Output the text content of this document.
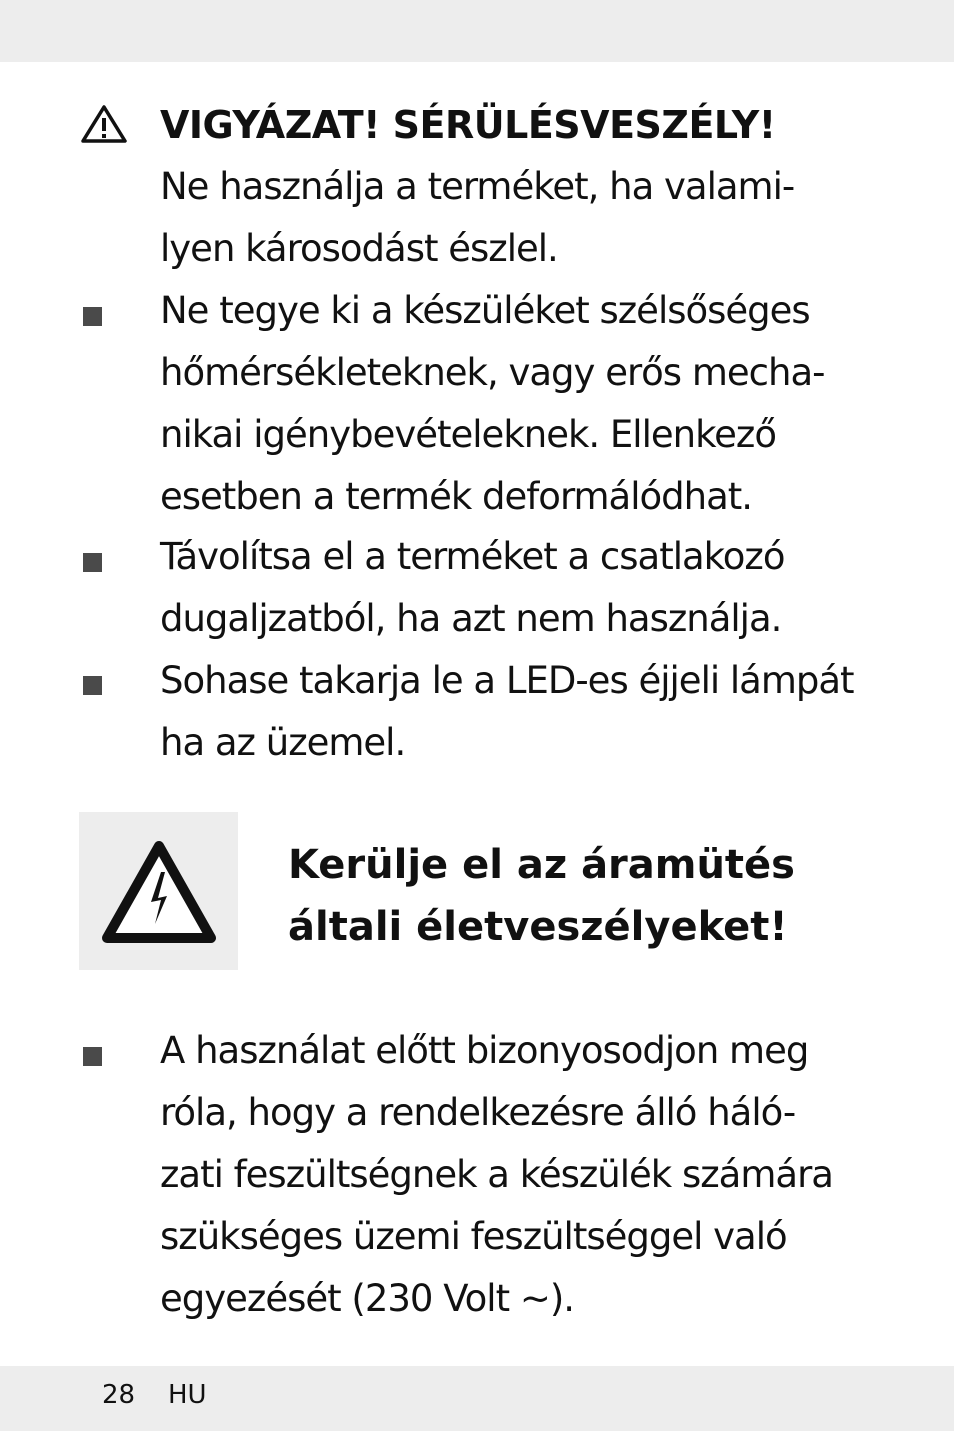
VIGYÁZAT! SÉRÜLÉSVESZÉLY!
Ne használja a terméket, ha valami-
lyen károsodást észlel.
Ne tegye ki a készüléket szélsőséges
hőmérsékleteknek, vagy erős mecha-
nikai igénybevételeknek. Ellenkező
esetben a termék deformálódhat.
Távolítsa el a terméket a csatlakozó
dugaljzatból, ha azt nem használja.
Sohase takarja le a LED-es éjjeli lámpát
ha az üzemel.
Kerülje el az áramütés
általi életveszélyeket!
A használat előtt bizonyosodjon meg
róla, hogy a rendelkezésre álló háló-
zati feszültségnek a készülék számára
szükséges üzemi feszültséggel való
egyezését (230 Volt ~).
28 HU
